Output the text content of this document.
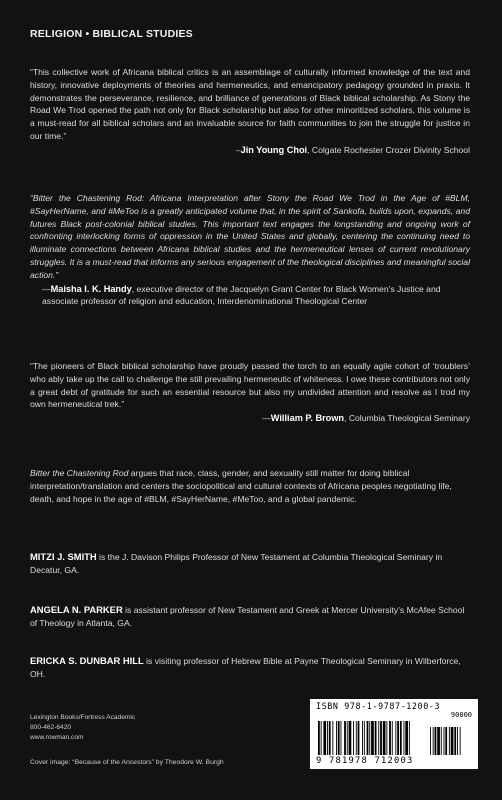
RELIGION • BIBLICAL STUDIES
“This collective work of Africana biblical critics is an assemblage of culturally informed knowledge of the text and history, innovative deployments of theories and hermeneutics, and emancipatory pedagogy grounded in praxis. It demonstrates the perseverance, resilience, and brilliance of generations of Black biblical scholarship. As Stony the Road We Trod opened the path not only for Black scholarship but also for other minoritized scholars, this volume is a must-read for all biblical scholars and an invaluable source for faith communities to join the struggle for justice in our time.”
–Jin Young Choi, Colgate Rochester Crozer Divinity School
“Bitter the Chastening Rod: Africana Interpretation after Stony the Road We Trod in the Age of #BLM, #SayHerName, and #MeToo is a greatly anticipated volume that, in the spirit of Sankofa, builds upon, expands, and futures Black post-colonial biblical studies. This important text engages the longstanding and ongoing work of confronting interlocking forms of oppression in the United States and globally, centering the continuing need to illuminate connections between Africana biblical studies and the hermeneutical lenses of current revolutionary struggles. It is a must-read that informs any serious engagement of the theological disciplines and meaningful social action.”
—Maisha I. K. Handy, executive director of the Jacquelyn Grant Center for Black Women’s Justice and associate professor of religion and education, Interdenominational Theological Center
“The pioneers of Black biblical scholarship have proudly passed the torch to an equally agile cohort of ‘troublers’ who ably take up the call to challenge the still prevailing hermeneutic of whiteness. I owe these contributors not only a great debt of gratitude for such an essential resource but also my undivided attention and resolve as I trod my own hermeneutical trek.”
—William P. Brown, Columbia Theological Seminary
Bitter the Chastening Rod argues that race, class, gender, and sexuality still matter for doing biblical interpretation/translation and centers the sociopolitical and cultural contexts of Africana peoples negotiating life, death, and hope in the age of #BLM, #SayHerName, #MeToo, and a global pandemic.
MITZI J. SMITH is the J. Davison Philips Professor of New Testament at Columbia Theological Seminary in Decatur, GA.
ANGELA N. PARKER is assistant professor of New Testament and Greek at Mercer University’s McAfee School of Theology in Atlanta, GA.
ERICKA S. DUNBAR HILL is visiting professor of Hebrew Bible at Payne Theological Seminary in Wilberforce, OH.
Lexington Books/Fortress Academic
800-462-6420
www.rowman.com
Cover image: “Because of the Ancestors” by Theodore W. Burgh
ISBN 978-1-9787-1200-3
90000
9 781978 712003
